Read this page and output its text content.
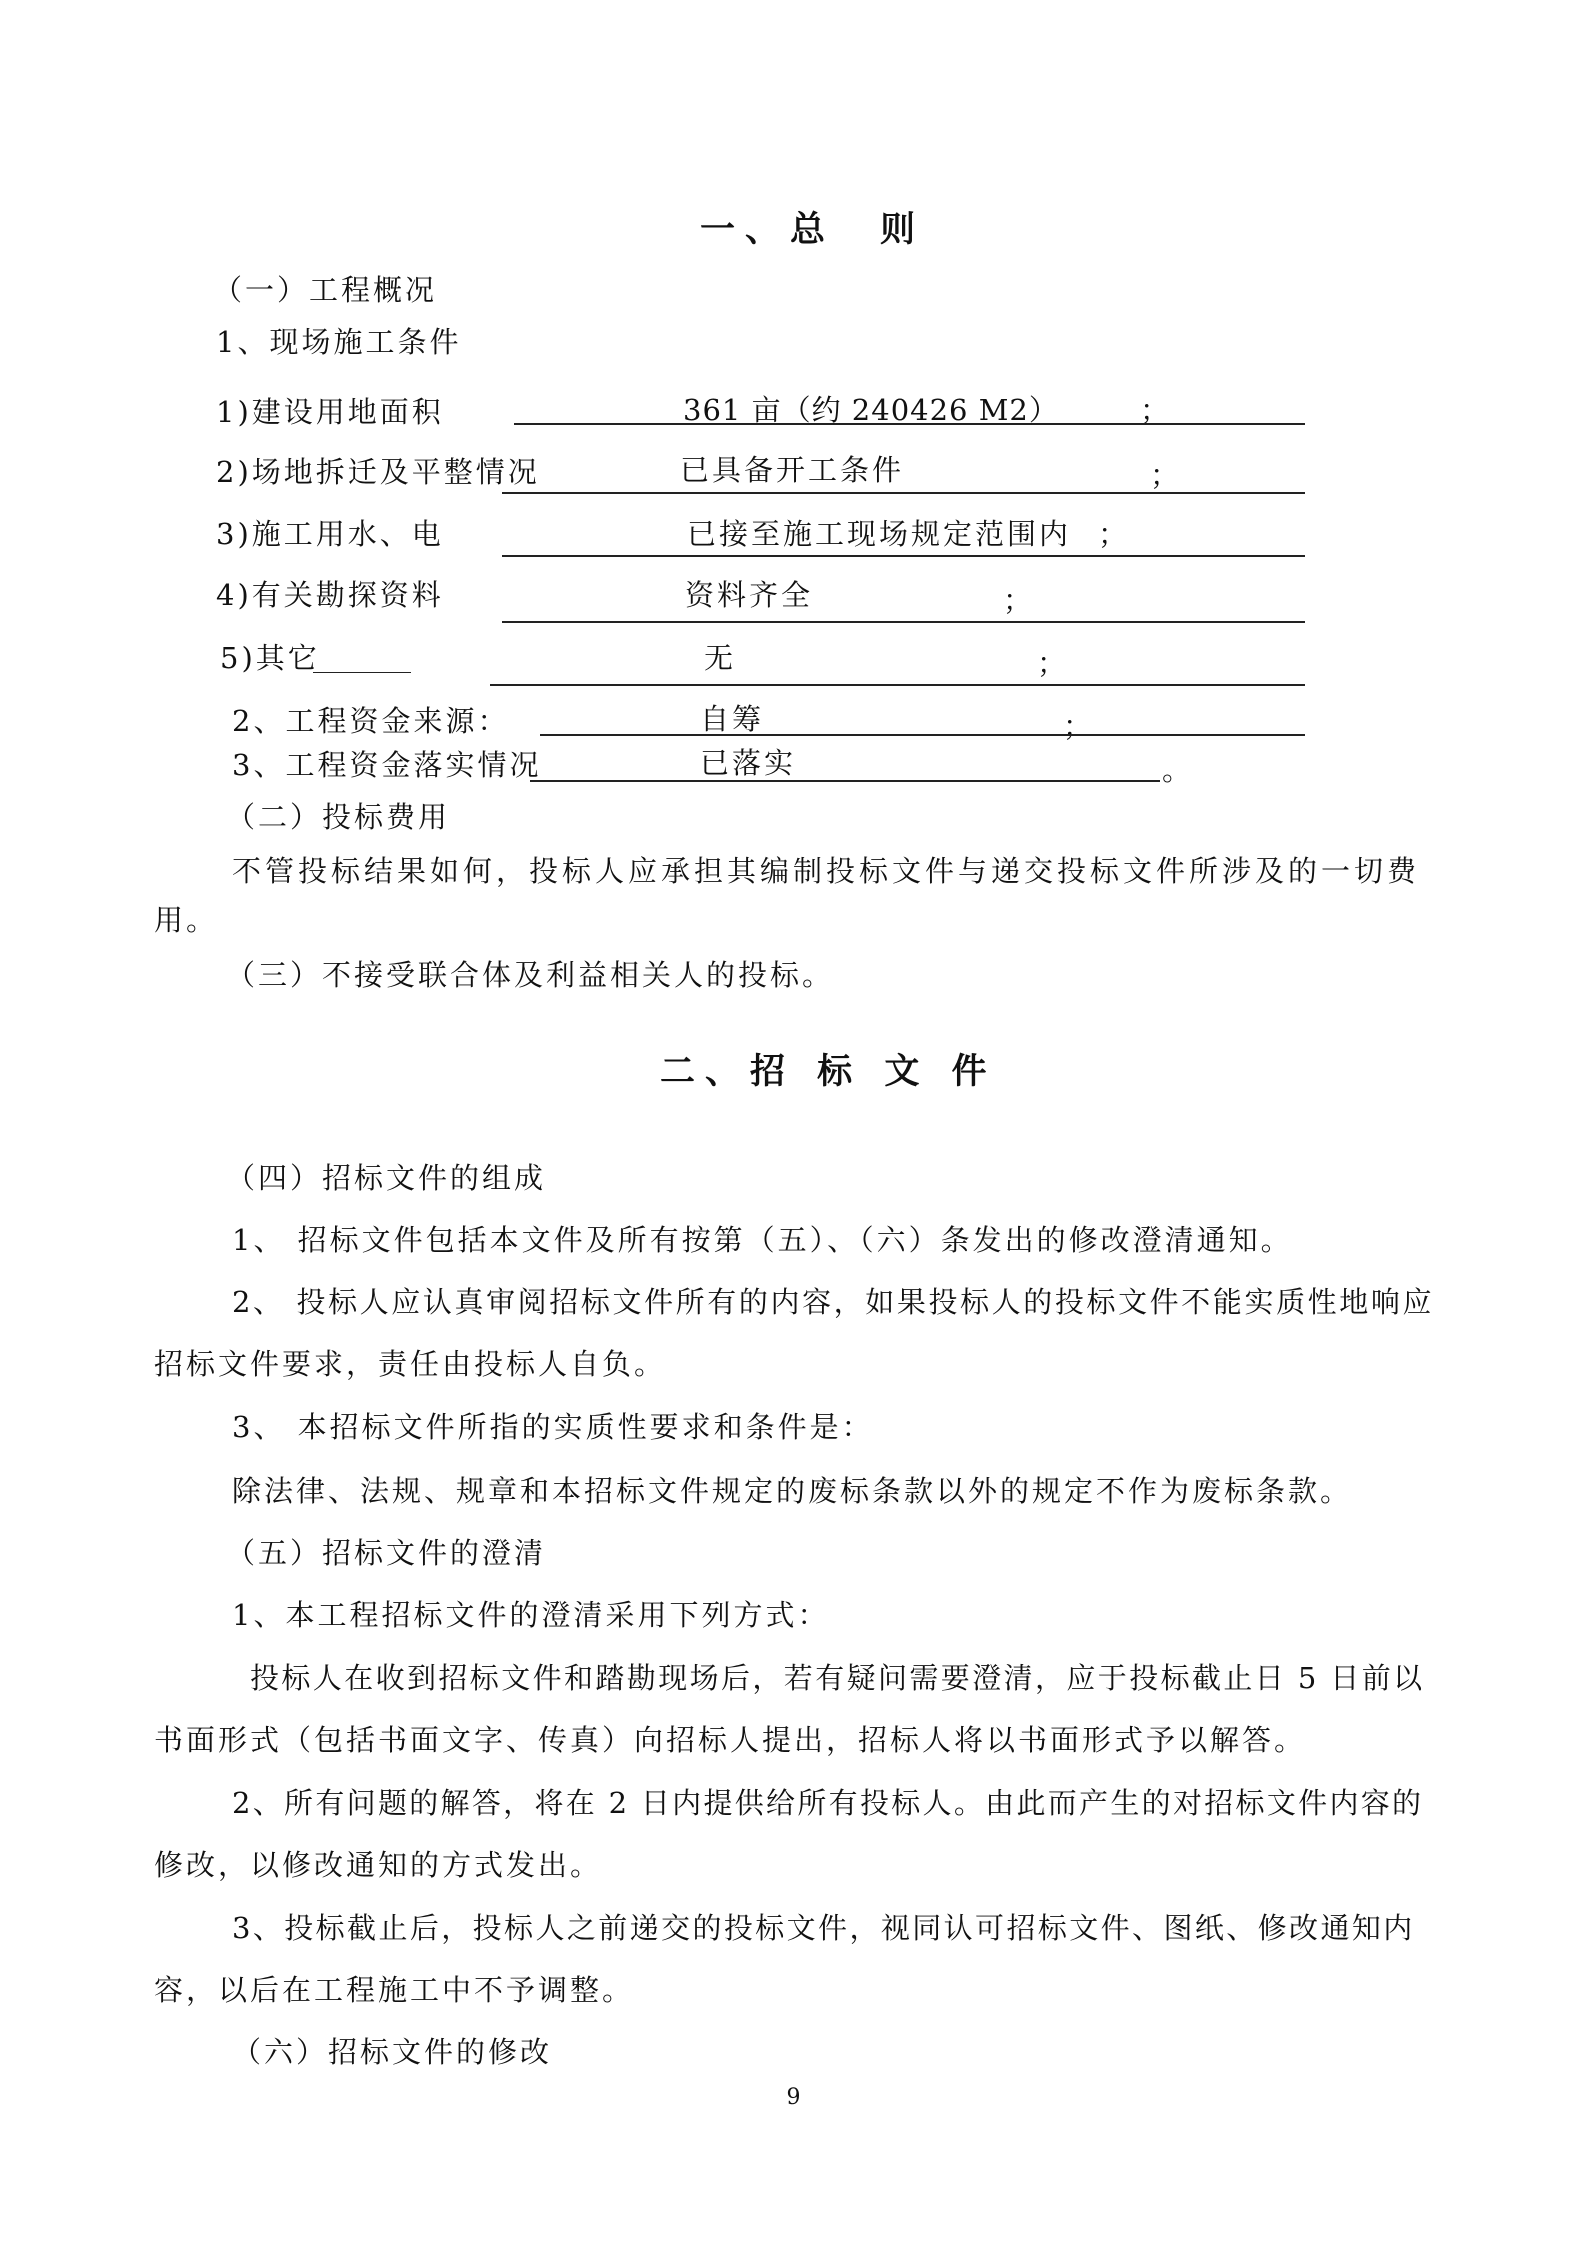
一、总　则
（一）工程概况
1、现场施工条件
1)建设用地面积	361 亩（约 240426 M2）	；
2)场地拆迁及平整情况	已具备开工条件	；
3)施工用水、电	已接至施工现场规定范围内 ；
4)有关勘探资料	资料齐全	；
5)其它	无	；
2、工程资金来源：	自筹	；
3、工程资金落实情况	已落实	。
（二）投标费用
不管投标结果如何，投标人应承担其编制投标文件与递交投标文件所涉及的一切费
用。
（三）不接受联合体及利益相关人的投标。
二、招 标 文 件
（四）招标文件的组成
1、 招标文件包括本文件及所有按第（五）、（六）条发出的修改澄清通知。
2、 投标人应认真审阅招标文件所有的内容，如果投标人的投标文件不能实质性地响应
招标文件要求，责任由投标人自负。
3、 本招标文件所指的实质性要求和条件是：
除法律、法规、规章和本招标文件规定的废标条款以外的规定不作为废标条款。
（五）招标文件的澄清
1、本工程招标文件的澄清采用下列方式：
投标人在收到招标文件和踏勘现场后，若有疑问需要澄清，应于投标截止日 5 日前以
书面形式（包括书面文字、传真）向招标人提出，招标人将以书面形式予以解答。
2、所有问题的解答，将在 2 日内提供给所有投标人。由此而产生的对招标文件内容的
修改，以修改通知的方式发出。
3、投标截止后，投标人之前递交的投标文件，视同认可招标文件、图纸、修改通知内
容，以后在工程施工中不予调整。
（六）招标文件的修改
9
